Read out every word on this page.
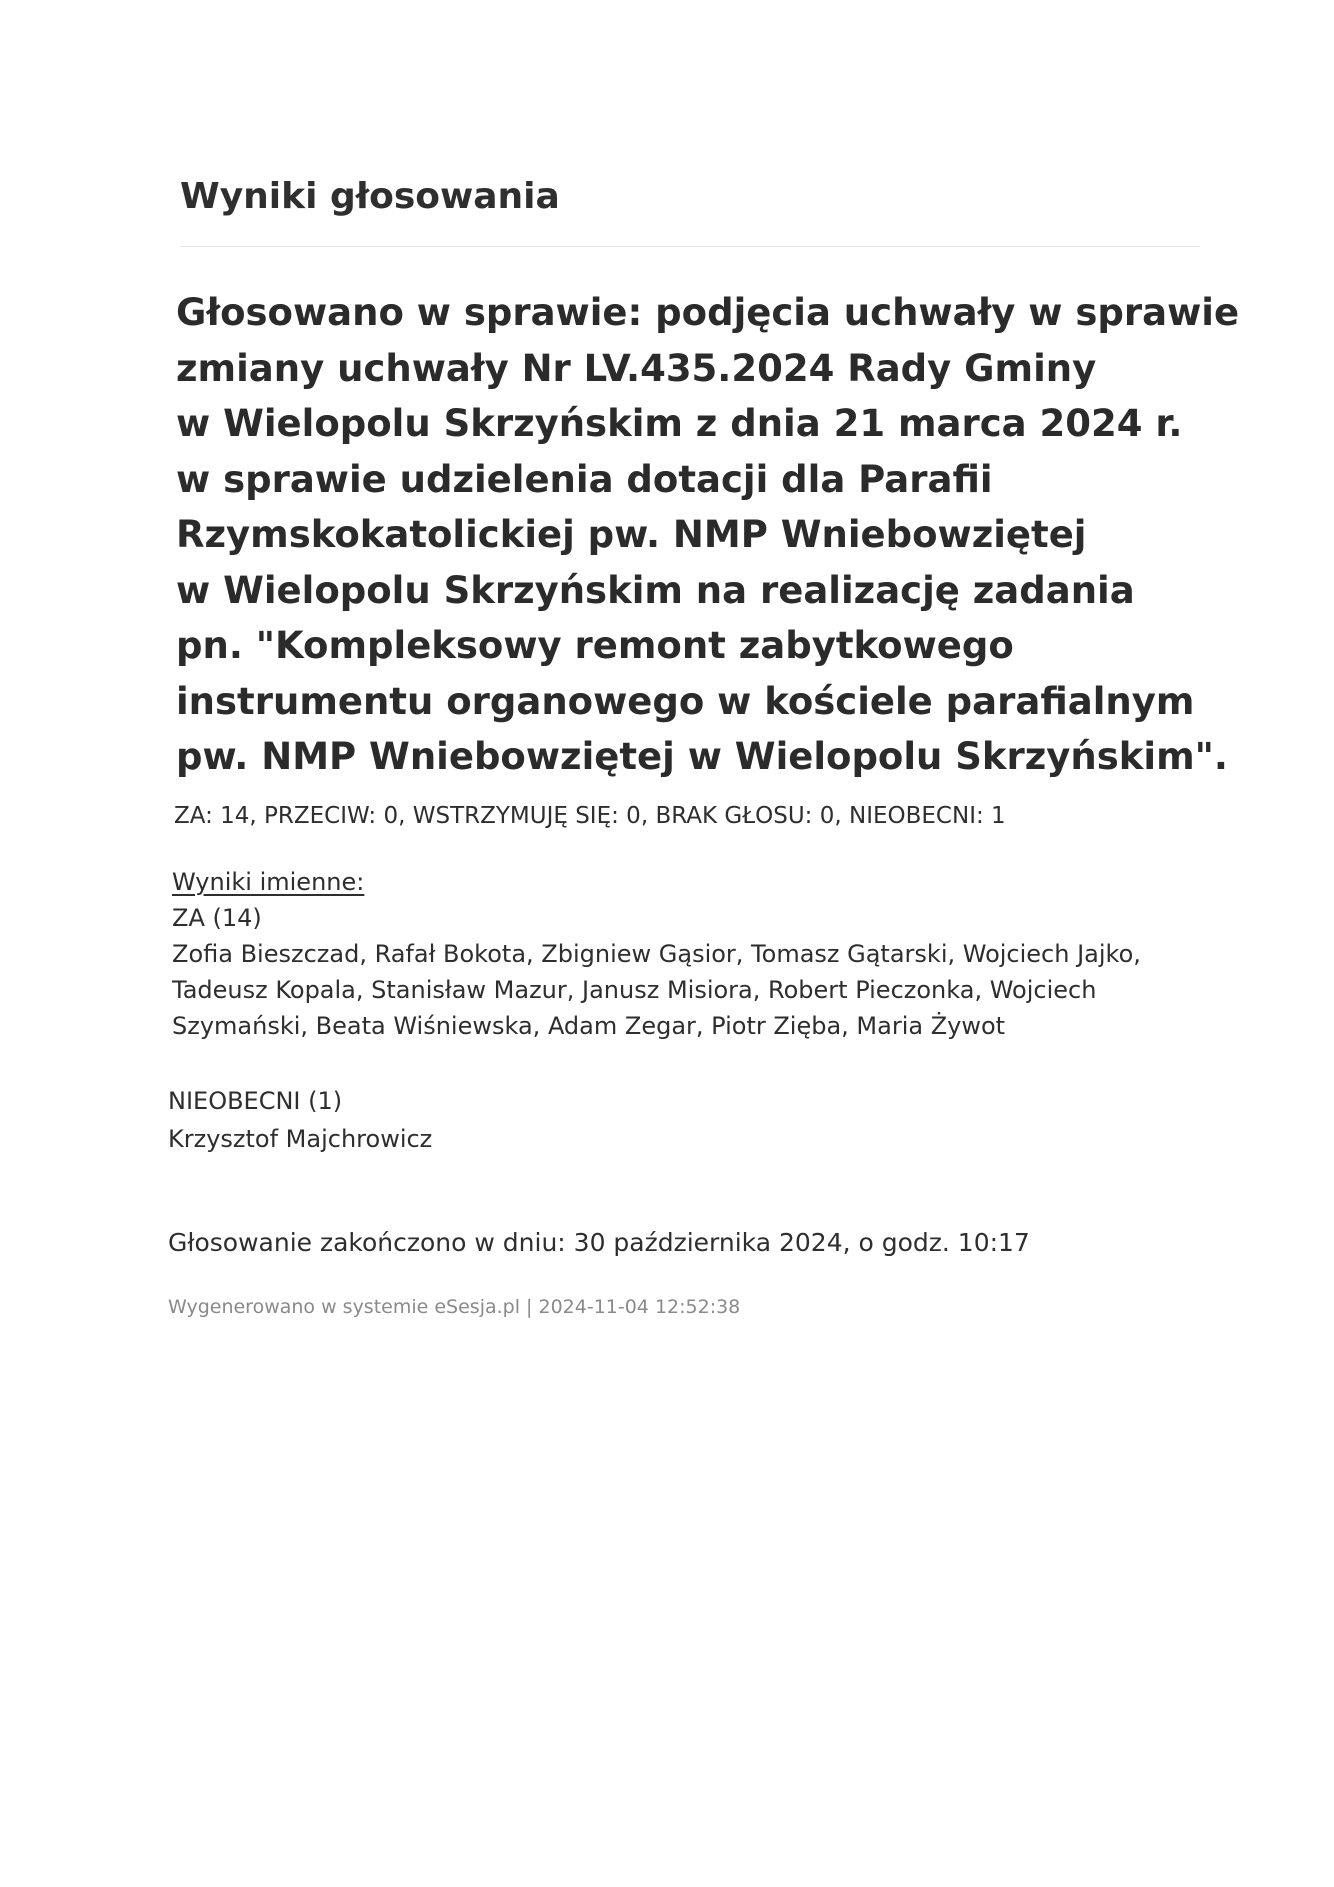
Wyniki głosowania
Głosowano w sprawie: podjęcia uchwały w sprawie
zmiany uchwały Nr LV.435.2024 Rady Gminy
w Wielopolu Skrzyńskim z dnia 21 marca 2024 r.
w sprawie udzielenia dotacji dla Parafii
Rzymskokatolickiej pw. NMP Wniebowziętej
w Wielopolu Skrzyńskim na realizację zadania
pn. "Kompleksowy remont zabytkowego
instrumentu organowego w kościele parafialnym
pw. NMP Wniebowziętej w Wielopolu Skrzyńskim".
ZA: 14, PRZECIW: 0, WSTRZYMUJĘ SIĘ: 0, BRAK GŁOSU: 0, NIEOBECNI: 1
Wyniki imienne:
ZA (14)
Zofia Bieszczad, Rafał Bokota, Zbigniew Gąsior, Tomasz Gątarski, Wojciech Jajko,
Tadeusz Kopala, Stanisław Mazur, Janusz Misiora, Robert Pieczonka, Wojciech
Szymański, Beata Wiśniewska, Adam Zegar, Piotr Zięba, Maria Żywot
NIEOBECNI (1)
Krzysztof Majchrowicz
Głosowanie zakończono w dniu: 30 października 2024, o godz. 10:17
Wygenerowano w systemie eSesja.pl | 2024-11-04 12:52:38
